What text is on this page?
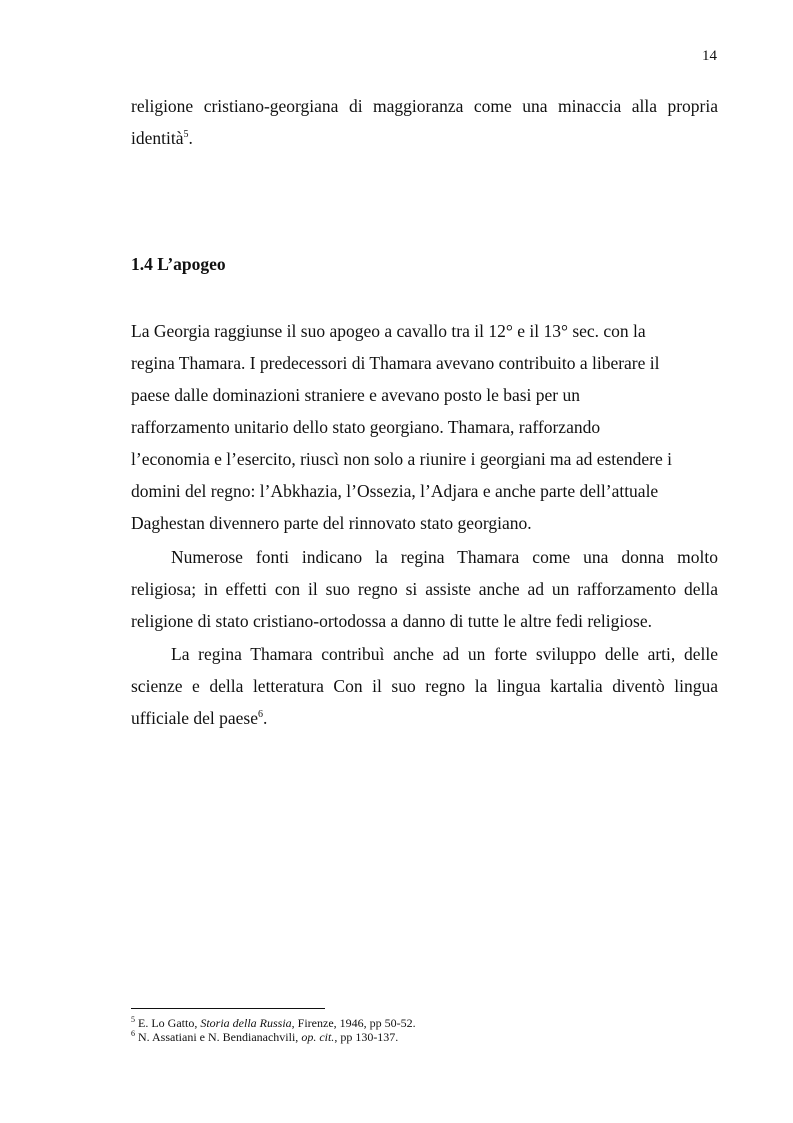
14
religione cristiano-georgiana di maggioranza come una minaccia alla propria
identità$^5$.
1.4 L’apogeo
La Georgia raggiunse il suo apogeo a cavallo tra il 12° e il 13° sec. con la
regina Thamara. I predecessori di Thamara avevano contribuito a liberare il
paese dalle dominazioni straniere e avevano posto le basi per un
rafforzamento unitario dello stato georgiano. Thamara, rafforzando
l’economia e l’esercito, riuscì non solo a riunire i georgiani ma ad estendere i
domini del regno: l’Abkhazia, l’Ossezia, l’Adjara e anche parte dell’attuale
Daghestan divennero parte del rinnovato stato georgiano.
Numerose fonti indicano la regina Thamara come una donna molto
religiosa; in effetti con il suo regno si assiste anche ad un rafforzamento della
religione di stato cristiano-ortodossa a danno di tutte le altre fedi religiose.
La regina Thamara contribuì anche ad un forte sviluppo delle arti, delle
scienze e della letteratura Con il suo regno la lingua kartalia diventò lingua
ufficiale del paese$^6$.
$^5$ E. Lo Gatto, Storia della Russia, Firenze, 1946, pp 50-52.
$^6$ N. Assatiani e N. Bendianachvili, op. cit., pp 130-137.
